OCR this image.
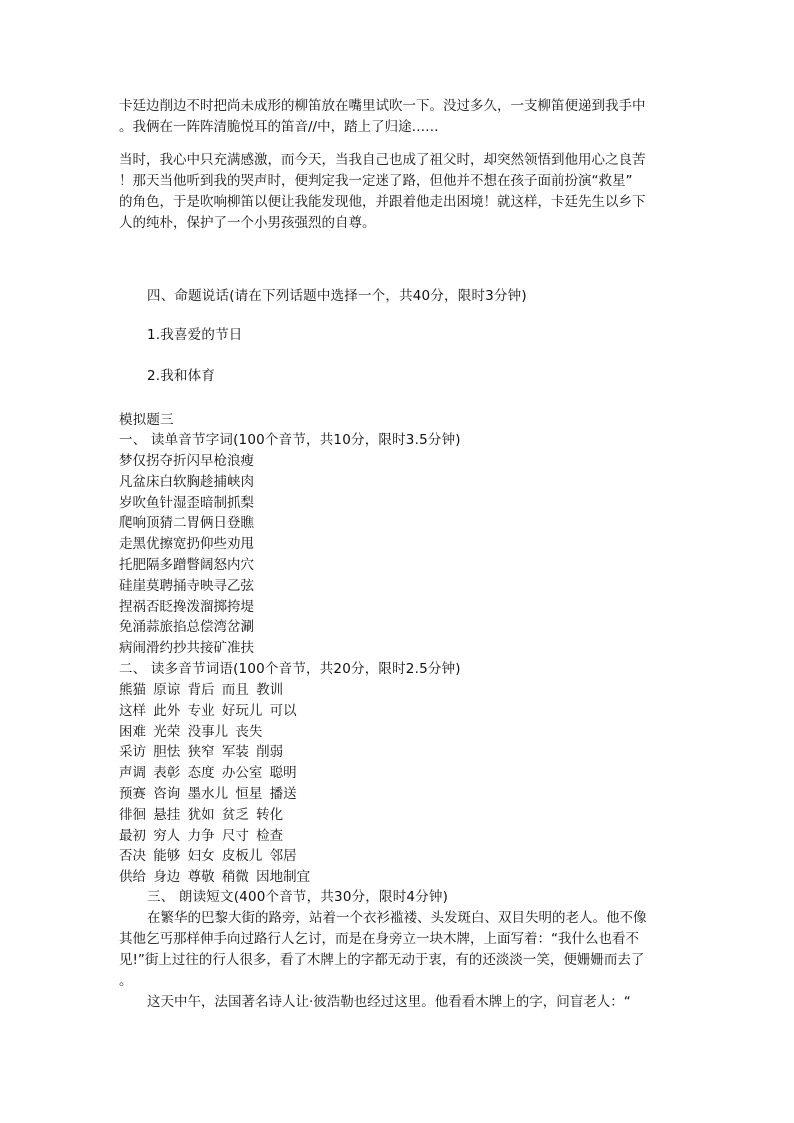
卡廷边削边不时把尚未成形的柳笛放在嘴里试吹一下。没过多久，一支柳笛便递到我手中
。我俩在一阵阵清脆悦耳的笛音//中，踏上了归途……
当时，我心中只充满感激，而今天，当我自己也成了祖父时，却突然领悟到他用心之良苦
！那天当他听到我的哭声时，便判定我一定迷了路，但他并不想在孩子面前扮演“救星”
的角色，于是吹响柳笛以便让我能发现他，并跟着他走出困境！就这样，卡廷先生以乡下
人的纯朴，保护了一个小男孩强烈的自尊。
四、命题说话(请在下列话题中选择一个，共40分，限时3分钟)
1.我喜爱的节日
2.我和体育
模拟题三
一、 读单音节字词(100个音节，共10分，限时3.5分钟)
梦仅拐夺折闪早枪浪瘦
凡盆床白软胸趁捕峡肉
岁吹鱼针湿歪暗制抓梨
爬响顶猜二胃俩日登瞧
走黑优擦宽扔仰些劝甩
托肥隔多蹭瞥阔怒内穴
硅崖莫聘捅寺映寻乙弦
捏祸否眨搀泼溜掷挎堤
免涌蒜旅掐总偿湾岔涮
病闹滑约抄共接矿准扶
二、 读多音节词语(100个音节，共20分，限时2.5分钟)
熊猫 原谅 背后 而且 教训
这样 此外 专业 好玩儿 可以
困难 光荣 没事儿 丧失
采访 胆怯 狭窄 军装 削弱
声调 表彰 态度 办公室 聪明
预赛 咨询 墨水儿 恒星 播送
徘徊 悬挂 犹如 贫乏 转化
最初 穷人 力争 尺寸 检查
否决 能够 妇女 皮板儿 邻居
供给 身边 尊敬 稍微 因地制宜
三、 朗读短文(400个音节，共30分，限时4分钟)
在繁华的巴黎大街的路旁，站着一个衣衫褴褛、头发斑白、双目失明的老人。他不像
其他乞丐那样伸手向过路行人乞讨，而是在身旁立一块木牌，上面写着：“我什么也看不
见!”街上过往的行人很多，看了木牌上的字都无动于衷，有的还淡淡一笑，便姗姗而去了
。
这天中午，法国著名诗人让·彼浩勒也经过这里。他看看木牌上的字，问盲老人：“
